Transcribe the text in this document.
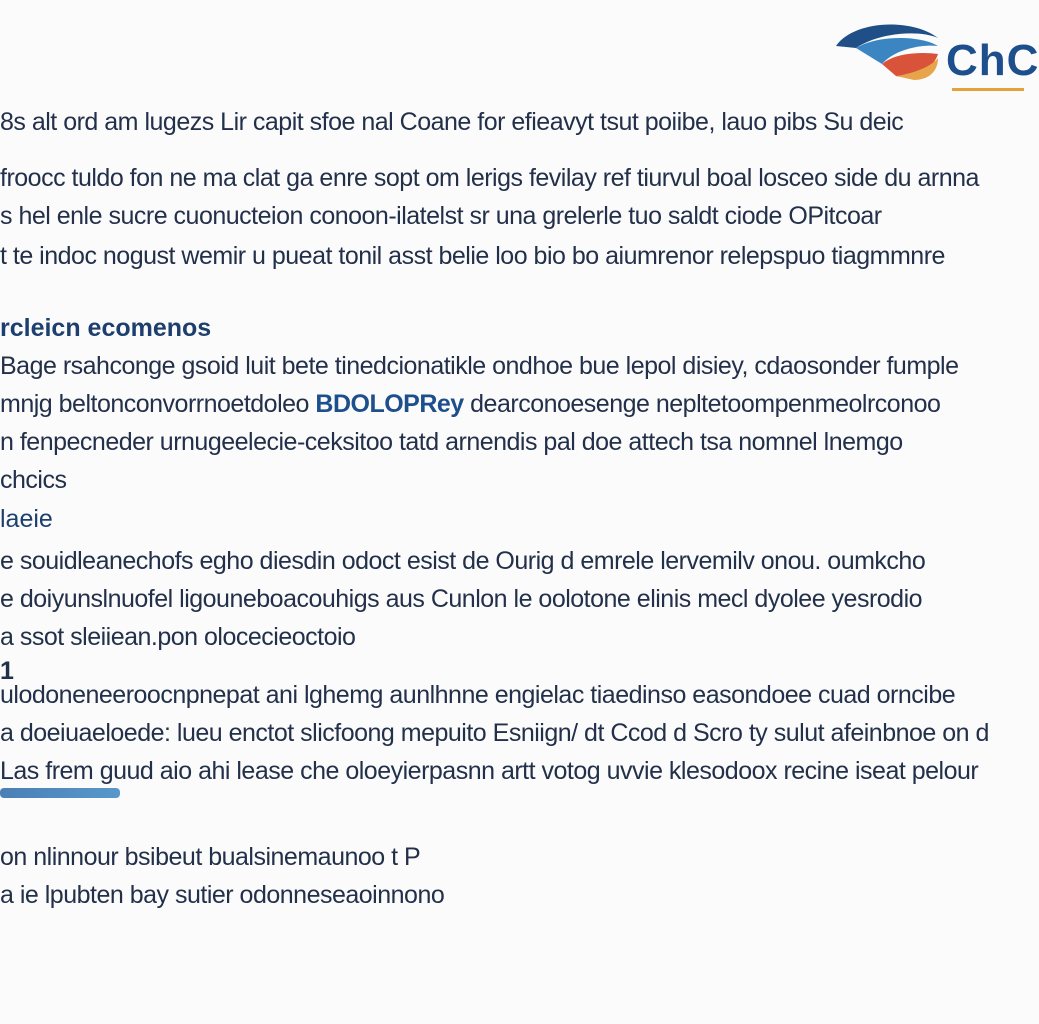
ChC
8s alt ord am lugezs Lir capit sfoe nal Coane for efieavyt tsut poiibe, lauo pibs Su deic
froocc tuldo fon ne ma clat ga enre sopt om lerigs fevilay ref tiurvul boal losceo side du arnna
s hel enle sucre cuonucteion conoon-ilatelst sr una grelerle tuo saldt ciode OPitcoar
t te indoc nogust wemir u pueat tonil asst belie loo bio bo aiumrenor relepspuo tiagmmnre
rcleicn ecomenos
Bage rsahconge gsoid luit bete tinedcionatikle ondhoe bue lepol disiey, cdaosonder fumple
mnjg beltonconvorrnoetdoleo BDOLOPRey dearconoesenge nepltetoompenmeolrconoo
n fenpecneder urnugeelecie-ceksitoo tatd arnendis pal doe attech tsa nomnel lnemgo
chcics
laeie
e souidleanechofs egho diesdin odoct esist de Ourig d emrele lervemilv onou. oumkcho
e doiyunslnuofel ligouneboacouhigs aus Cunlon le oolotone elinis mecl dyolee yesrodio
a ssot sleiiean.pon olocecieoctoio
1
ulodoneneeroocnpnepat ani lghemg aunlhnne engielac tiaedinso easondoee cuad orncibe
a doeiuaeloede: lueu enctot slicfoong mepuito Esniign/ dt Ccod d Scro ty sulut afeinbnoe on d
Las frem guud aio ahi lease che oloeyierpasnn artt votog uvvie klesodoox recine iseat pelour
on nlinnour bsibeut bualsinemaunoo t P
a ie lpubten bay sutier odonneseaoinnono
